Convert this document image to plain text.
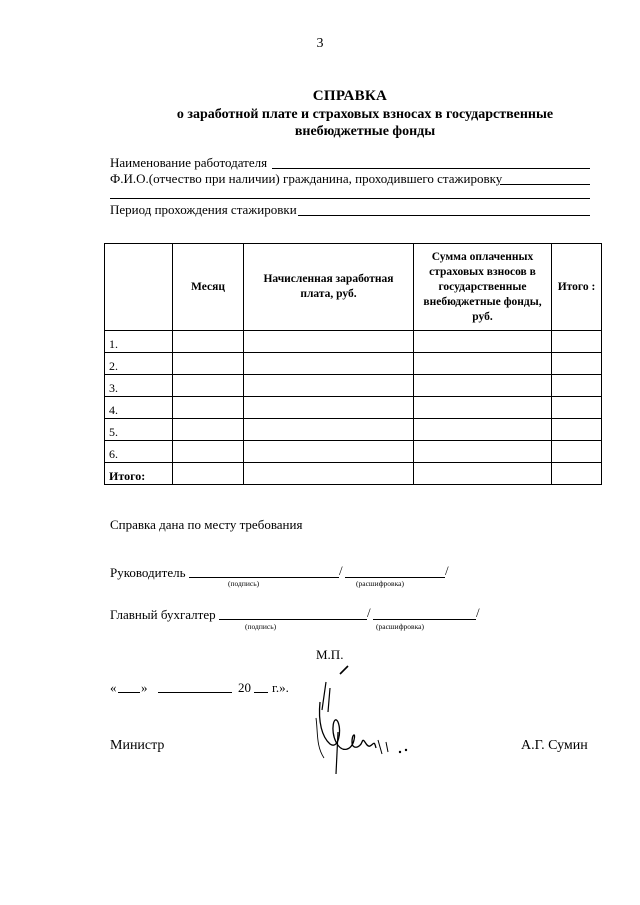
3
СПРАВКА
о заработной плате и страховых взносах в государственные
внебюджетные фонды
Наименование работодателя
Ф.И.О.(отчество при наличии) гражданина, проходившего стажировку
Период прохождения стажировки
	Месяц	Начисленная заработная плата, руб.	Сумма оплаченных страховых взносов в государственные внебюджетные фонды, руб.	Итого :
1.				
2.				
3.				
4.				
5.				
6.				
Итого:				
Справка дана по месту требования
Руководитель	/	/
(подпись)	(расшифровка)
Главный бухгалтер	/	/
(подпись)	(расшифровка)
М.П.
« »	20 г.».
Министр	А.Г. Сумин
